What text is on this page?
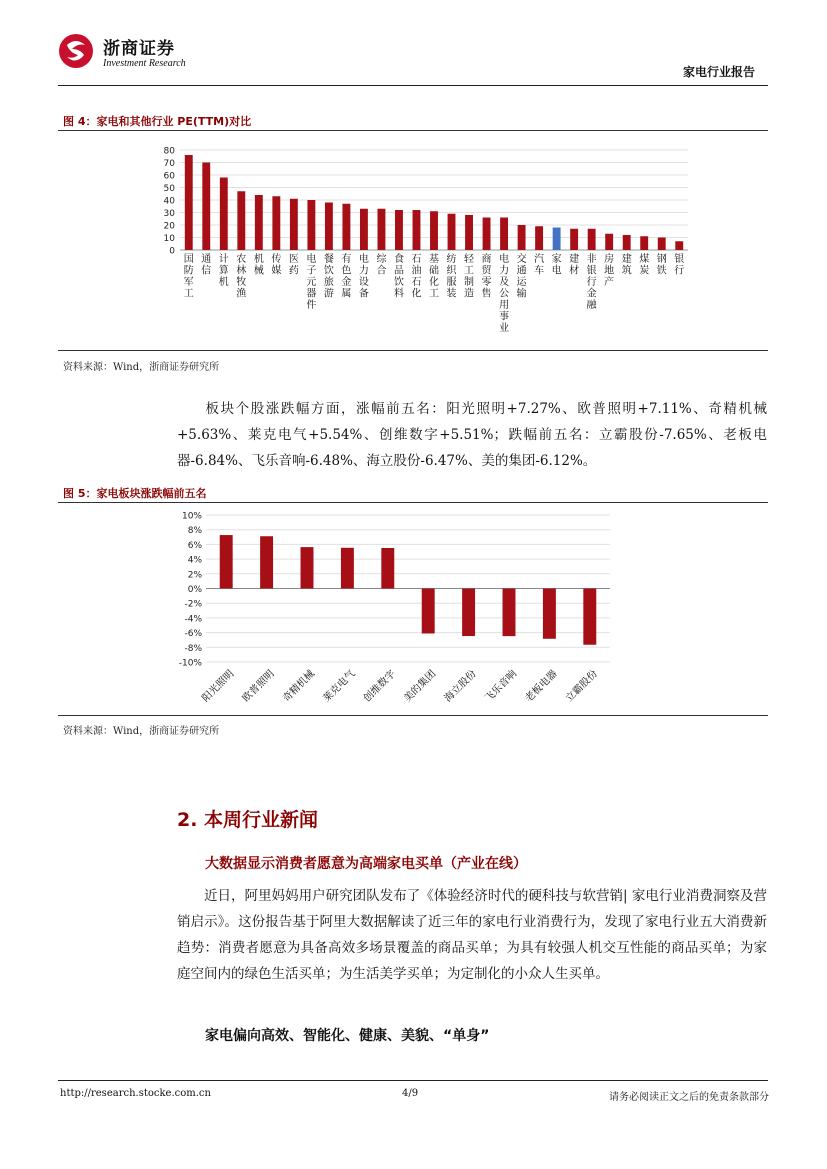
浙商证券
Investment Research
家电行业报告
图 4：家电和其他行业 PE(TTM)对比
0
10
20
30
40
50
60
70
80
国防军工
通信
计算机
农林牧渔
机械
传媒
医药
电子元器件
餐饮旅游
有色金属
电力设备
综合
食品饮料
石油石化
基础化工
纺织服装
轻工制造
商贸零售
电力及公用事业
交通运输
汽车
家电
建材
非银行金融
房地产
建筑
煤炭
钢铁
银行
资料来源：Wind，浙商证券研究所
板块个股涨跌幅方面，涨幅前五名：阳光照明+7.27%、欧普照明+7.11%、奇精机械+5.63%、莱克电气+5.54%、创维数字+5.51%；跌幅前五名：立霸股份-7.65%、老板电器-6.84%、飞乐音响-6.48%、海立股份-6.47%、美的集团-6.12%。
图 5：家电板块涨跌幅前五名
-10%
-8%
-6%
-4%
-2%
0%
2%
4%
6%
8%
10%
阳光照明 欧普照明 奇精机械 莱克电气 创维数字 美的集团 海立股份 飞乐音响 老板电器 立霸股份
资料来源：Wind，浙商证券研究所
2. 本周行业新闻
大数据显示消费者愿意为高端家电买单（产业在线）
近日，阿里妈妈用户研究团队发布了《体验经济时代的硬科技与软营销| 家电行业消费洞察及营销启示》。这份报告基于阿里大数据解读了近三年的家电行业消费行为，发现了家电行业五大消费新趋势：消费者愿意为具备高效多场景覆盖的商品买单；为具有较强人机交互性能的商品买单；为家庭空间内的绿色生活买单；为生活美学买单；为定制化的小众人生买单。
家电偏向高效、智能化、健康、美貌、“单身”
http://research.stocke.com.cn	4/9	请务必阅读正文之后的免责条款部分
